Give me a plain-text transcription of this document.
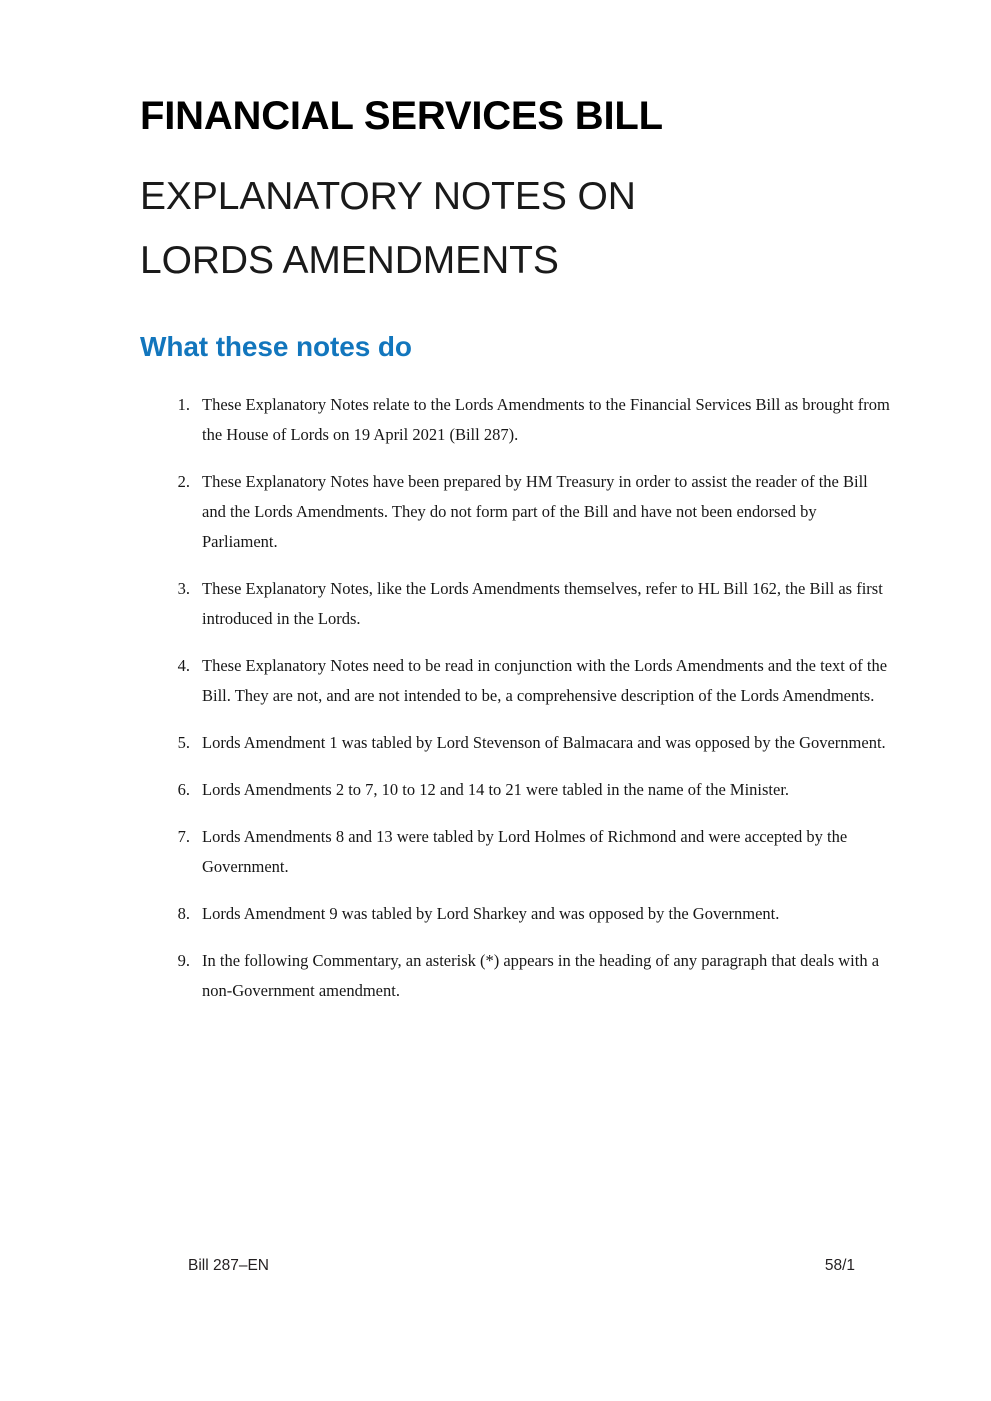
FINANCIAL SERVICES BILL
EXPLANATORY NOTES ON LORDS AMENDMENTS
What these notes do
1. These Explanatory Notes relate to the Lords Amendments to the Financial Services Bill as brought from the House of Lords on 19 April 2021 (Bill 287).
2. These Explanatory Notes have been prepared by HM Treasury in order to assist the reader of the Bill and the Lords Amendments. They do not form part of the Bill and have not been endorsed by Parliament.
3. These Explanatory Notes, like the Lords Amendments themselves, refer to HL Bill 162, the Bill as first introduced in the Lords.
4. These Explanatory Notes need to be read in conjunction with the Lords Amendments and the text of the Bill. They are not, and are not intended to be, a comprehensive description of the Lords Amendments.
5. Lords Amendment 1 was tabled by Lord Stevenson of Balmacara and was opposed by the Government.
6. Lords Amendments 2 to 7, 10 to 12 and 14 to 21 were tabled in the name of the Minister.
7. Lords Amendments 8 and 13 were tabled by Lord Holmes of Richmond and were accepted by the Government.
8. Lords Amendment 9 was tabled by Lord Sharkey and was opposed by the Government.
9. In the following Commentary, an asterisk (*) appears in the heading of any paragraph that deals with a non-Government amendment.
Bill 287–EN	58/1
